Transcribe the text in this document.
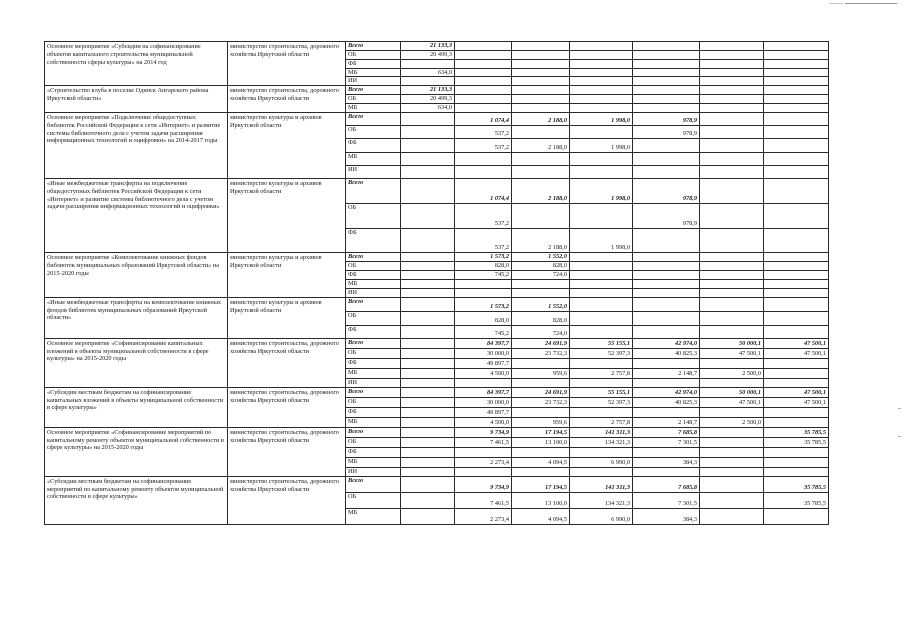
Основное мероприятие «Субсидии на софинансирование объектов капитального строительства муниципальной собственности сферы культуры» на 2014 год	министерство строительства, дорожного хозяйства Иркутской области	Всего	21 133,3						
		ОБ	20 499,3						
		ФБ							
		МБ	634,0						
		ИИ							
«Строительство клуба в поселке Одинск Ангарского района Иркутской области»	министерство строительства, дорожного хозяйства Иркутской области	Всего	21 133,3						
		ОБ	20 499,3						
		МБ	634,0						
Основное мероприятие «Подключение общедоступных библиотек Российской Федерации к сети «Интернет» и развитие системы библиотечного дела с учетом задачи расширения информационных технологий и оцифровки» на 2014-2017 годы	министерство культуры и архивов Иркутской области	Всего		1 074,4	2 188,0	1 998,0	978,9		
		ОБ		537,2			978,9		
		ФБ		537,2	2 188,0	1 998,0			
		МБ							
		ИИ							
«Иные межбюджетные трансферты на подключение общедоступных библиотек Российской Федерации к сети «Интернет» и развитие системы библиотечного дела с учетом задачи расширения информационных технологий и оцифровки»	министерство культуры и архивов Иркутской области	Всего		1 074,4	2 188,0	1 998,0	978,9		
		ОБ		537,2			978,9		
		ФБ		537,2	2 188,0	1 998,0			
Основное мероприятие «Комплектование книжных фондов библиотек муниципальных образований Иркутской области» на 2015-2020 годы	министерство культуры и архивов Иркутской области	Всего		1 573,2	1 552,0				
		ОБ		828,0	828,0				
		ФБ		745,2	724,0				
		МБ							
		ИИ							
«Иные межбюджетные трансферты на комплектование книжных фондов библиотек муниципальных образований Иркутской области»	министерство культуры и архивов Иркутской области	Всего		1 573,2	1 552,0				
		ОБ		828,0	828,0				
		ФБ		745,2	724,0				
Основное мероприятие «Софинансирование капитальных вложений в объекты муниципальной собственности в сфере культуры» на 2015-2020 годы	министерство строительства, дорожного хозяйства Иркутской области	Всего		84 397,7	24 691,9	55 155,1	42 974,0	50 000,1	47 500,1
		ОБ		30 000,0	23 732,3	52 397,3	40 825,3	47 500,1	47 500,1
		ФБ		49 897,7					
		МБ		4 500,0	959,6	2 757,8	2 148,7	2 500,0	
		ИИ							
«Субсидии местным бюджетам на софинансирование капитальных вложений в объекты муниципальной собственности в сфере культуры»	министерство строительства, дорожного хозяйства Иркутской области	Всего		84 397,7	24 691,9	55 155,1	42 974,0	50 000,1	47 500,1
		ОБ		30 000,0	23 732,3	52 397,3	40 825,3	47 500,1	47 500,1
		ФБ		49 897,7					
		МБ		4 500,0	959,6	2 757,8	2 148,7	2 500,0	
Основное мероприятие «Софинансирование мероприятий по капитальному ремонту объектов муниципальной собственности в сфере культуры» на 2015-2020 годы	министерство строительства, дорожного хозяйства Иркутской области	Всего		9 734,9	17 194,5	141 311,3	7 685,8		35 785,5
		ОБ		7 461,5	13 100,0	134 321,3	7 301,5		35 785,5
		ФБ							
		МБ		2 273,4	4 094,5	6 990,0	384,3		
		ИИ							
«Субсидии местным бюджетам на софинансирование мероприятий по капитальному ремонту объектов муниципальной собственности в сфере культуры»	министерство строительства, дорожного хозяйства Иркутской области	Всего		9 734,9	17 194,5	141 311,3	7 685,8		35 785,5
		ОБ		7 461,5	13 100,0	134 321,3	7 301,5		35 785,5
		МБ		2 273,4	4 094,5	6 990,0	384,3		
